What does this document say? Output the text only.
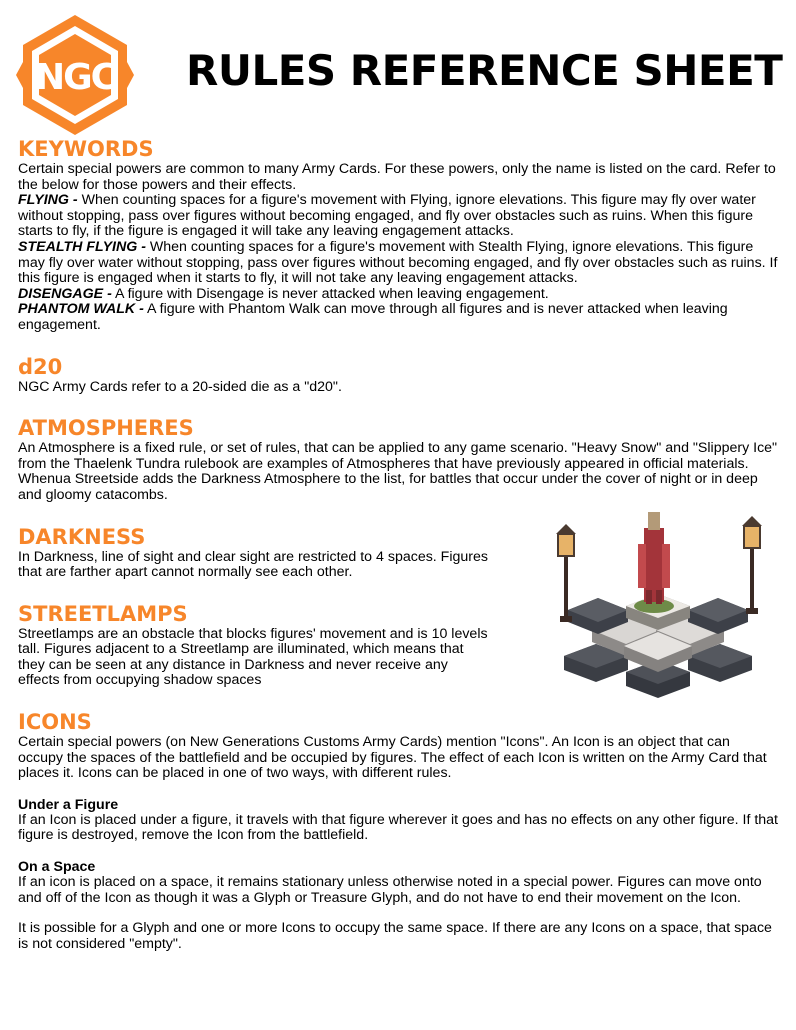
NGC RULES REFERENCE SHEET
KEYWORDS

Certain special powers are common to many Army Cards. For these powers, only the name is listed on the card. Refer to the below for those powers and their effects.

FLYING - When counting spaces for a figure's movement with Flying, ignore elevations. This figure may fly over water without stopping, pass over figures without becoming engaged, and fly over obstacles such as ruins. When this figure starts to fly, if the figure is engaged it will take any leaving engagement attacks.

STEALTH FLYING - When counting spaces for a figure's movement with Stealth Flying, ignore elevations. This figure may fly over water without stopping, pass over figures without becoming engaged, and fly over obstacles such as ruins. If this figure is engaged when it starts to fly, it will not take any leaving engagement attacks.

DISENGAGE - A figure with Disengage is never attacked when leaving engagement.

PHANTOM WALK - A figure with Phantom Walk can move through all figures and is never attacked when leaving engagement.

d20

NGC Army Cards refer to a 20-sided die as a "d20".

ATMOSPHERES

An Atmosphere is a fixed rule, or set of rules, that can be applied to any game scenario. "Heavy Snow" and "Slippery Ice" from the Thaelenk Tundra rulebook are examples of Atmospheres that have previously appeared in official materials. Whenua Streetside adds the Darkness Atmosphere to the list, for battles that occur under the cover of night or in deep and gloomy catacombs.

DARKNESS

In Darkness, line of sight and clear sight are restricted to 4 spaces. Figures that are farther apart cannot normally see each other.

STREETLAMPS

Streetlamps are an obstacle that blocks figures' movement and is 10 levels tall. Figures adjacent to a Streetlamp are illuminated, which means that they can be seen at any distance in Darkness and never receive any effects from occupying shadow spaces

ICONS

Certain special powers (on New Generations Customs Army Cards) mention "Icons". An Icon is an object that can occupy the spaces of the battlefield and be occupied by figures. The effect of each Icon is written on the Army Card that places it. Icons can be placed in one of two ways, with different rules.

Under a Figure

If an Icon is placed under a figure, it travels with that figure wherever it goes and has no effects on any other figure. If that figure is destroyed, remove the Icon from the battlefield.

On a Space

If an icon is placed on a space, it remains stationary unless otherwise noted in a special power. Figures can move onto and off of the Icon as though it was a Glyph or Treasure Glyph, and do not have to end their movement on the Icon.

It is possible for a Glyph and one or more Icons to occupy the same space. If there are any Icons on a space, that space is not considered "empty".
